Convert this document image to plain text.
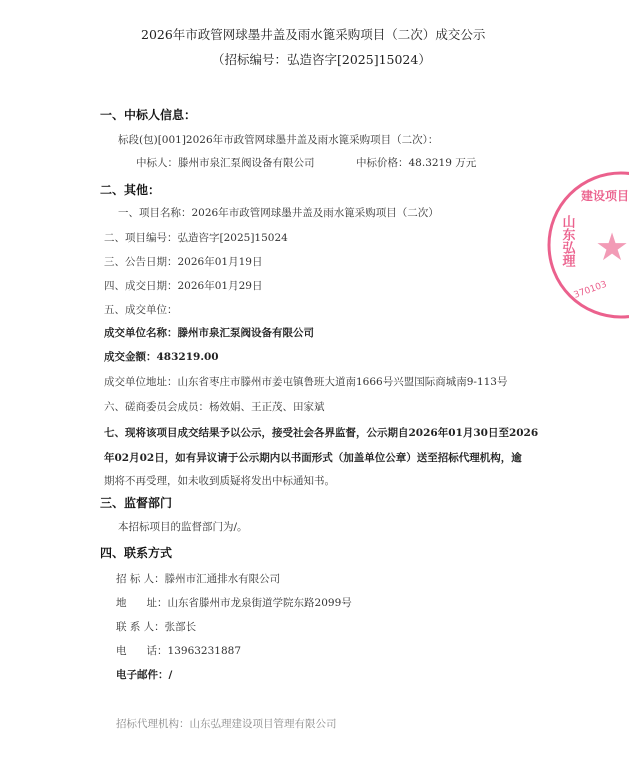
2026年市政管网球墨井盖及雨水篦采购项目（二次）成交公示
（招标编号：弘造咨字[2025]15024）
一、中标人信息：
标段(包)[001]2026年市政管网球墨井盖及雨水篦采购项目（二次）：
中标人：滕州市泉汇泵阀设备有限公司	中标价格：48.3219 万元
二、其他：
一、项目名称：2026年市政管网球墨井盖及雨水篦采购项目（二次）
二、项目编号：弘造咨字[2025]15024
三、公告日期：2026年01月19日
四、成交日期：2026年01月29日
五、成交单位：
成交单位名称：滕州市泉汇泵阀设备有限公司
成交金额：483219.00
成交单位地址：山东省枣庄市滕州市姜屯镇鲁班大道南1666号兴盟国际商城南9-113号
六、磋商委员会成员：杨效娟、王正茂、田家斌
七、现将该项目成交结果予以公示，接受社会各界监督，公示期自2026年01月30日至2026
年02月02日，如有异议请于公示期内以书面形式（加盖单位公章）送至招标代理机构，逾
期将不再受理，如未收到质疑将发出中标通知书。
三、监督部门
本招标项目的监督部门为/。
四、联系方式
招 标 人：滕州市汇通排水有限公司
地      址：山东省滕州市龙泉街道学院东路2099号
联 系 人：张部长
电      话：13963231887
电子邮件：/
招标代理机构：山东弘理建设项目管理有限公司
山东弘理
建设项目
★
370103
